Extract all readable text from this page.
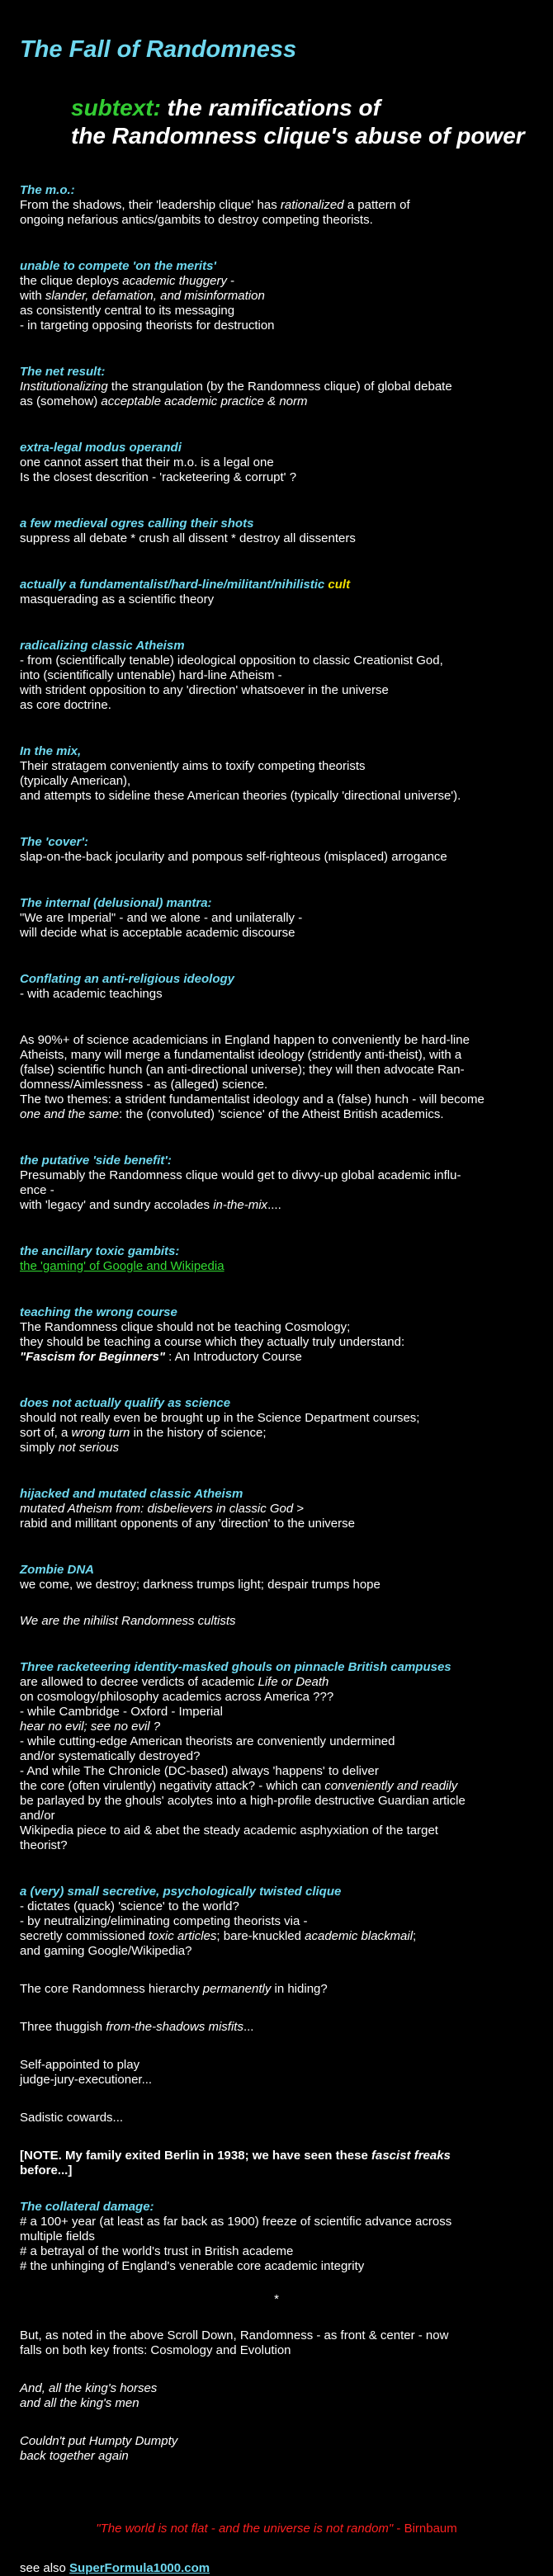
The Fall of Randomness
subtext: the ramifications of
the Randomness clique's abuse of power
The m.o.:

From the shadows, their 'leadership clique' has rationalized a pattern of

ongoing nefarious antics/gambits to destroy competing theorists.

unable to compete 'on the merits'

the clique deploys academic thuggery -

with slander, defamation, and misinformation

as consistently central to its messaging

- in targeting opposing theorists for destruction

The net result:

Institutionalizing the strangulation (by the Randomness clique) of global debate

as (somehow) acceptable academic practice & norm

extra-legal modus operandi

one cannot assert that their m.o. is a legal one

Is the closest descrition - 'racketeering & corrupt' ?

a few medieval ogres calling their shots

suppress all debate * crush all dissent * destroy all dissenters

actually a fundamentalist/hard-line/militant/nihilistic cult

masquerading as a scientific theory

radicalizing classic Atheism

- from (scientifically tenable) ideological opposition to classic Creationist God,

into (scientifically untenable) hard-line Atheism -

with strident opposition to any 'direction' whatsoever in the universe

as core doctrine.

In the mix,

Their stratagem conveniently aims to toxify competing theorists

(typically American),

and attempts to sideline these American theories (typically 'directional universe').

The 'cover':

slap-on-the-back jocularity and pompous self-righteous (misplaced) arrogance

The internal (delusional) mantra:

"We are Imperial" - and we alone - and unilaterally -

will decide what is acceptable academic discourse

Conflating an anti-religious ideology

- with academic teachings

As 90%+ of science academicians in England happen to conveniently be hard-line

Atheists, many will merge a fundamentalist ideology (stridently anti-theist), with a

(false) scientific hunch (an anti-directional universe); they will then advocate Ran-

domness/Aimlessness - as (alleged) science.

The two themes: a strident fundamentalist ideology and a (false) hunch - will become

one and the same: the (convoluted) 'science' of the Atheist British academics.

the putative 'side benefit':

Presumably the Randomness clique would get to divvy-up global academic influ-

ence -

with 'legacy' and sundry accolades in-the-mix....

the ancillary toxic gambits:
the 'gaming' of Google and Wikipedia
teaching the wrong course

The Randomness clique should not be teaching Cosmology;

they should be teaching a course which they actually truly understand:

"Fascism for Beginners" : An Introductory Course

does not actually qualify as science

should not really even be brought up in the Science Department courses;

sort of, a wrong turn in the history of science;

simply not serious

hijacked and mutated classic Atheism

mutated Atheism from: disbelievers in classic God >

rabid and millitant opponents of any 'direction' to the universe

Zombie DNA

we come, we destroy; darkness trumps light; despair trumps hope

We are the nihilist Randomness cultists

Three racketeering identity-masked ghouls on pinnacle British campuses

are allowed to decree verdicts of academic Life or Death

on cosmology/philosophy academics across America ???

- while Cambridge - Oxford - Imperial

hear no evil; see no evil ?

- while cutting-edge American theorists are conveniently undermined

and/or systematically destroyed?

- And while The Chronicle (DC-based) always 'happens' to deliver

the core (often virulently) negativity attack? - which can conveniently and readily

be parlayed by the ghouls' acolytes into a high-profile destructive Guardian article

and/or

Wikipedia piece to aid & abet the steady academic asphyxiation of the target

theorist?

a (very) small secretive, psychologically twisted clique

- dictates (quack) 'science' to the world?

- by neutralizing/eliminating competing theorists via -

secretly commissioned toxic articles; bare-knuckled academic blackmail;

and gaming Google/Wikipedia?

The core Randomness hierarchy permanently in hiding?

Three thuggish from-the-shadows misfits...

Self-appointed to play

judge-jury-executioner...

Sadistic cowards...

[NOTE. My family exited Berlin in 1938; we have seen these fascist freaks

before...]

The collateral damage:

# a 100+ year (at least as far back as 1900) freeze of scientific advance across

multiple fields

# a betrayal of the world's trust in British academe

# the unhinging of England's venerable core academic integrity

*

But, as noted in the above Scroll Down, Randomness - as front & center - now

falls on both key fronts: Cosmology and Evolution

And, all the king's horses

and all the king's men

Couldn't put Humpty Dumpty

back together again

"The world is not flat - and the universe is not random" - Birnbaum
see also SuperFormula1000.com
